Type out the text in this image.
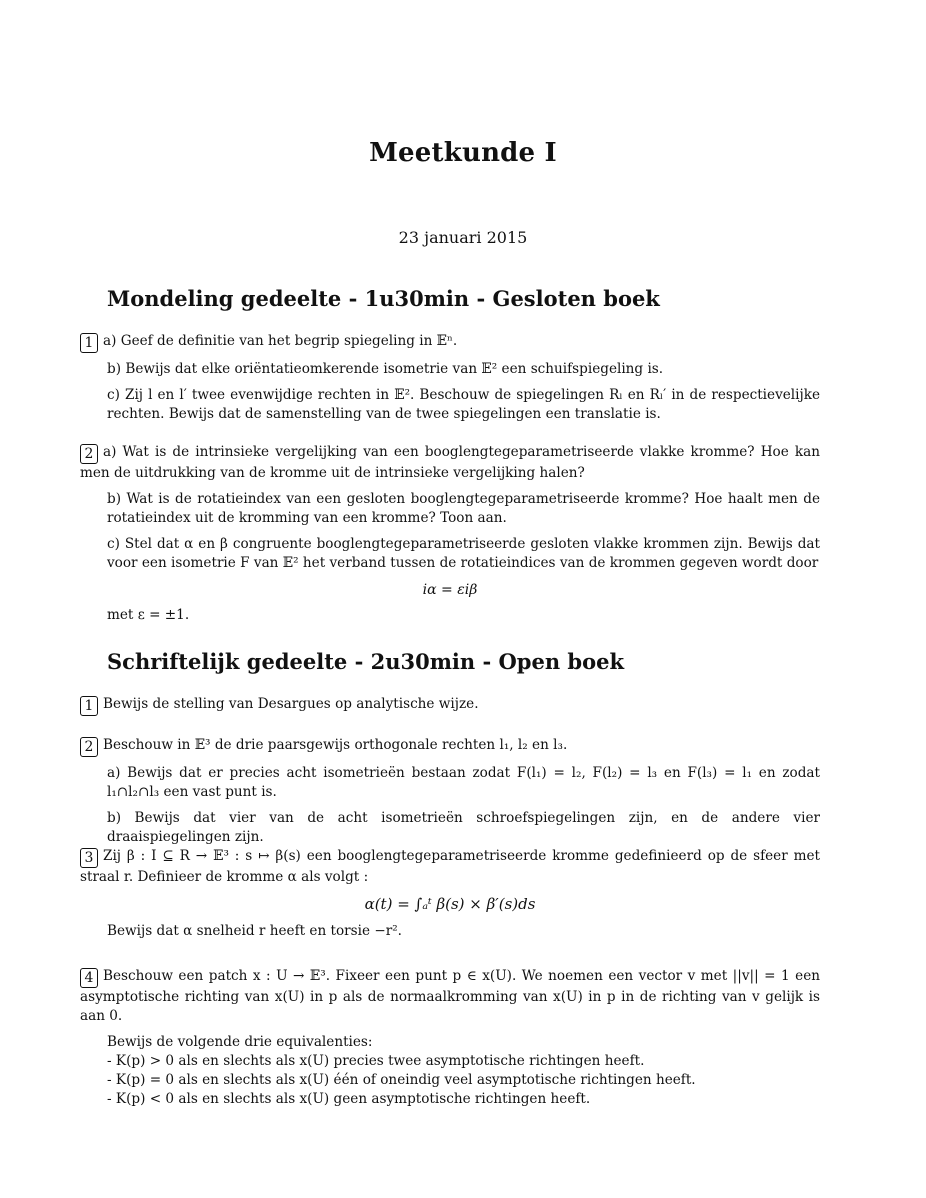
Meetkunde I
23 januari 2015
Mondeling gedeelte - 1u30min - Gesloten boek
1 a) Geef de definitie van het begrip spiegeling in 𝔼ⁿ.
b) Bewijs dat elke oriëntatieomkerende isometrie van 𝔼² een schuifspiegeling is.
c) Zij l en l′ twee evenwijdige rechten in 𝔼². Beschouw de spiegelingen Rₗ en Rₗ′ in de respectievelijke rechten. Bewijs dat de samenstelling van de twee spiegelingen een translatie is.
2 a) Wat is de intrinsieke vergelijking van een booglengtegeparametriseerde vlakke kromme? Hoe kan men de uitdrukking van de kromme uit de intrinsieke vergelijking halen?
b) Wat is de rotatieindex van een gesloten booglengtegeparametriseerde kromme? Hoe haalt men de rotatieindex uit de kromming van een kromme? Toon aan.
c) Stel dat α en β congruente booglengtegeparametriseerde gesloten vlakke krommen zijn. Bewijs dat voor een isometrie F van 𝔼² het verband tussen de rotatieindices van de krommen gegeven wordt door
iα = εiβ
met ε = ±1.
Schriftelijk gedeelte - 2u30min - Open boek
1 Bewijs de stelling van Desargues op analytische wijze.
2 Beschouw in 𝔼³ de drie paarsgewijs orthogonale rechten l₁, l₂ en l₃.
a) Bewijs dat er precies acht isometrieën bestaan zodat F(l₁) = l₂, F(l₂) = l₃ en F(l₃) = l₁ en zodat l₁∩l₂∩l₃ een vast punt is.
b) Bewijs dat vier van de acht isometrieën schroefspiegelingen zijn, en de andere vier draaispiegelingen zijn.
3 Zij β : I ⊆ R → 𝔼³ : s ↦ β(s) een booglengtegeparametriseerde kromme gedefinieerd op de sfeer met straal r. Definieer de kromme α als volgt :
α(t) = ∫ₐᵗ β(s) × β′(s)ds
Bewijs dat α snelheid r heeft en torsie −r².
4 Beschouw een patch x : U → 𝔼³. Fixeer een punt p ∈ x(U). We noemen een vector v met ||v|| = 1 een asymptotische richting van x(U) in p als de normaalkromming van x(U) in p in de richting van v gelijk is aan 0.
Bewijs de volgende drie equivalenties:
- K(p) > 0 als en slechts als x(U) precies twee asymptotische richtingen heeft.
- K(p) = 0 als en slechts als x(U) één of oneindig veel asymptotische richtingen heeft.
- K(p) < 0 als en slechts als x(U) geen asymptotische richtingen heeft.
